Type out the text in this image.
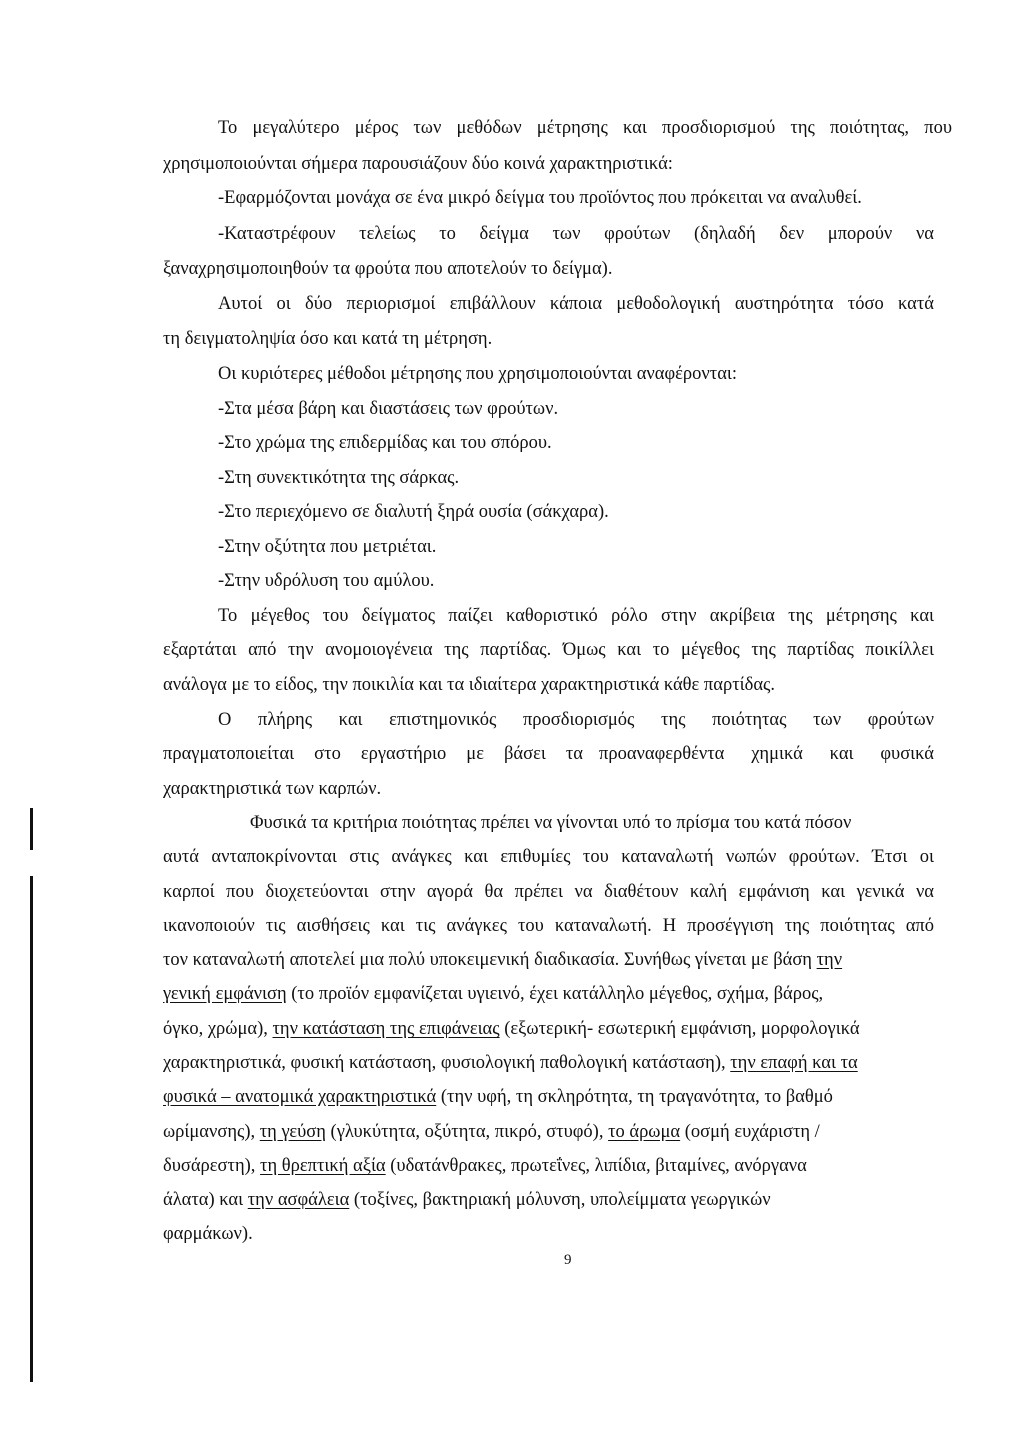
Το μεγαλύτερο μέρος των μεθόδων μέτρησης και προσδιορισμού της ποιότητας, που
χρησιμοποιούνται σήμερα παρουσιάζουν δύο κοινά χαρακτηριστικά:
-Εφαρμόζονται μονάχα σε ένα μικρό δείγμα του προϊόντος που πρόκειται να αναλυθεί.
-Καταστρέφουν τελείως το δείγμα των φρούτων (δηλαδή δεν μπορούν να
ξαναχρησιμοποιηθούν τα φρούτα που αποτελούν το δείγμα).
Αυτοί οι δύο περιορισμοί επιβάλλουν κάποια μεθοδολογική αυστηρότητα τόσο κατά
τη δειγματοληψία όσο και κατά τη μέτρηση.
Οι κυριότερες μέθοδοι μέτρησης που χρησιμοποιούνται αναφέρονται:
-Στα μέσα βάρη και διαστάσεις των φρούτων.
-Στο χρώμα της επιδερμίδας και του σπόρου.
-Στη συνεκτικότητα της σάρκας.
-Στο περιεχόμενο σε διαλυτή ξηρά ουσία (σάκχαρα).
-Στην οξύτητα που μετριέται.
-Στην υδρόλυση του αμύλου.
Το μέγεθος του δείγματος παίζει καθοριστικό ρόλο στην ακρίβεια της μέτρησης και
εξαρτάται από την ανομοιογένεια της παρτίδας. Όμως και το μέγεθος της παρτίδας ποικίλλει
ανάλογα με το είδος, την ποικιλία και τα ιδιαίτερα χαρακτηριστικά κάθε παρτίδας.
Ο πλήρης και επιστημονικός προσδιορισμός της ποιότητας των φρούτων
πραγματοποιείται στο εργαστήριο με βάσει τα προαναφερθέντα χημικά και φυσικά
χαρακτηριστικά των καρπών.
Φυσικά τα κριτήρια ποιότητας πρέπει να γίνονται υπό το πρίσμα του κατά πόσον
αυτά ανταποκρίνονται στις ανάγκες και επιθυμίες του καταναλωτή νωπών φρούτων. Έτσι οι
καρποί που διοχετεύονται στην αγορά θα πρέπει να διαθέτουν καλή εμφάνιση και γενικά να
ικανοποιούν τις αισθήσεις και τις ανάγκες του καταναλωτή. Η προσέγγιση της ποιότητας από
τον καταναλωτή αποτελεί μια πολύ υποκειμενική διαδικασία. Συνήθως γίνεται με βάση την
γενική εμφάνιση (το προϊόν εμφανίζεται υγιεινό, έχει κατάλληλο μέγεθος, σχήμα, βάρος,
όγκο, χρώμα), την κατάσταση της επιφάνειας (εξωτερική- εσωτερική εμφάνιση, μορφολογικά
χαρακτηριστικά, φυσική κατάσταση, φυσιολογική παθολογική κατάσταση), την επαφή και τα
φυσικά – ανατομικά χαρακτηριστικά (την υφή, τη σκληρότητα, τη τραγανότητα, το βαθμό
ωρίμανσης), τη γεύση (γλυκύτητα, οξύτητα, πικρό, στυφό), το άρωμα (οσμή ευχάριστη /
δυσάρεστη), τη θρεπτική αξία (υδατάνθρακες, πρωτεΐνες, λιπίδια, βιταμίνες, ανόργανα
άλατα) και την ασφάλεια (τοξίνες, βακτηριακή μόλυνση, υπολείμματα γεωργικών
φαρμάκων).
9
